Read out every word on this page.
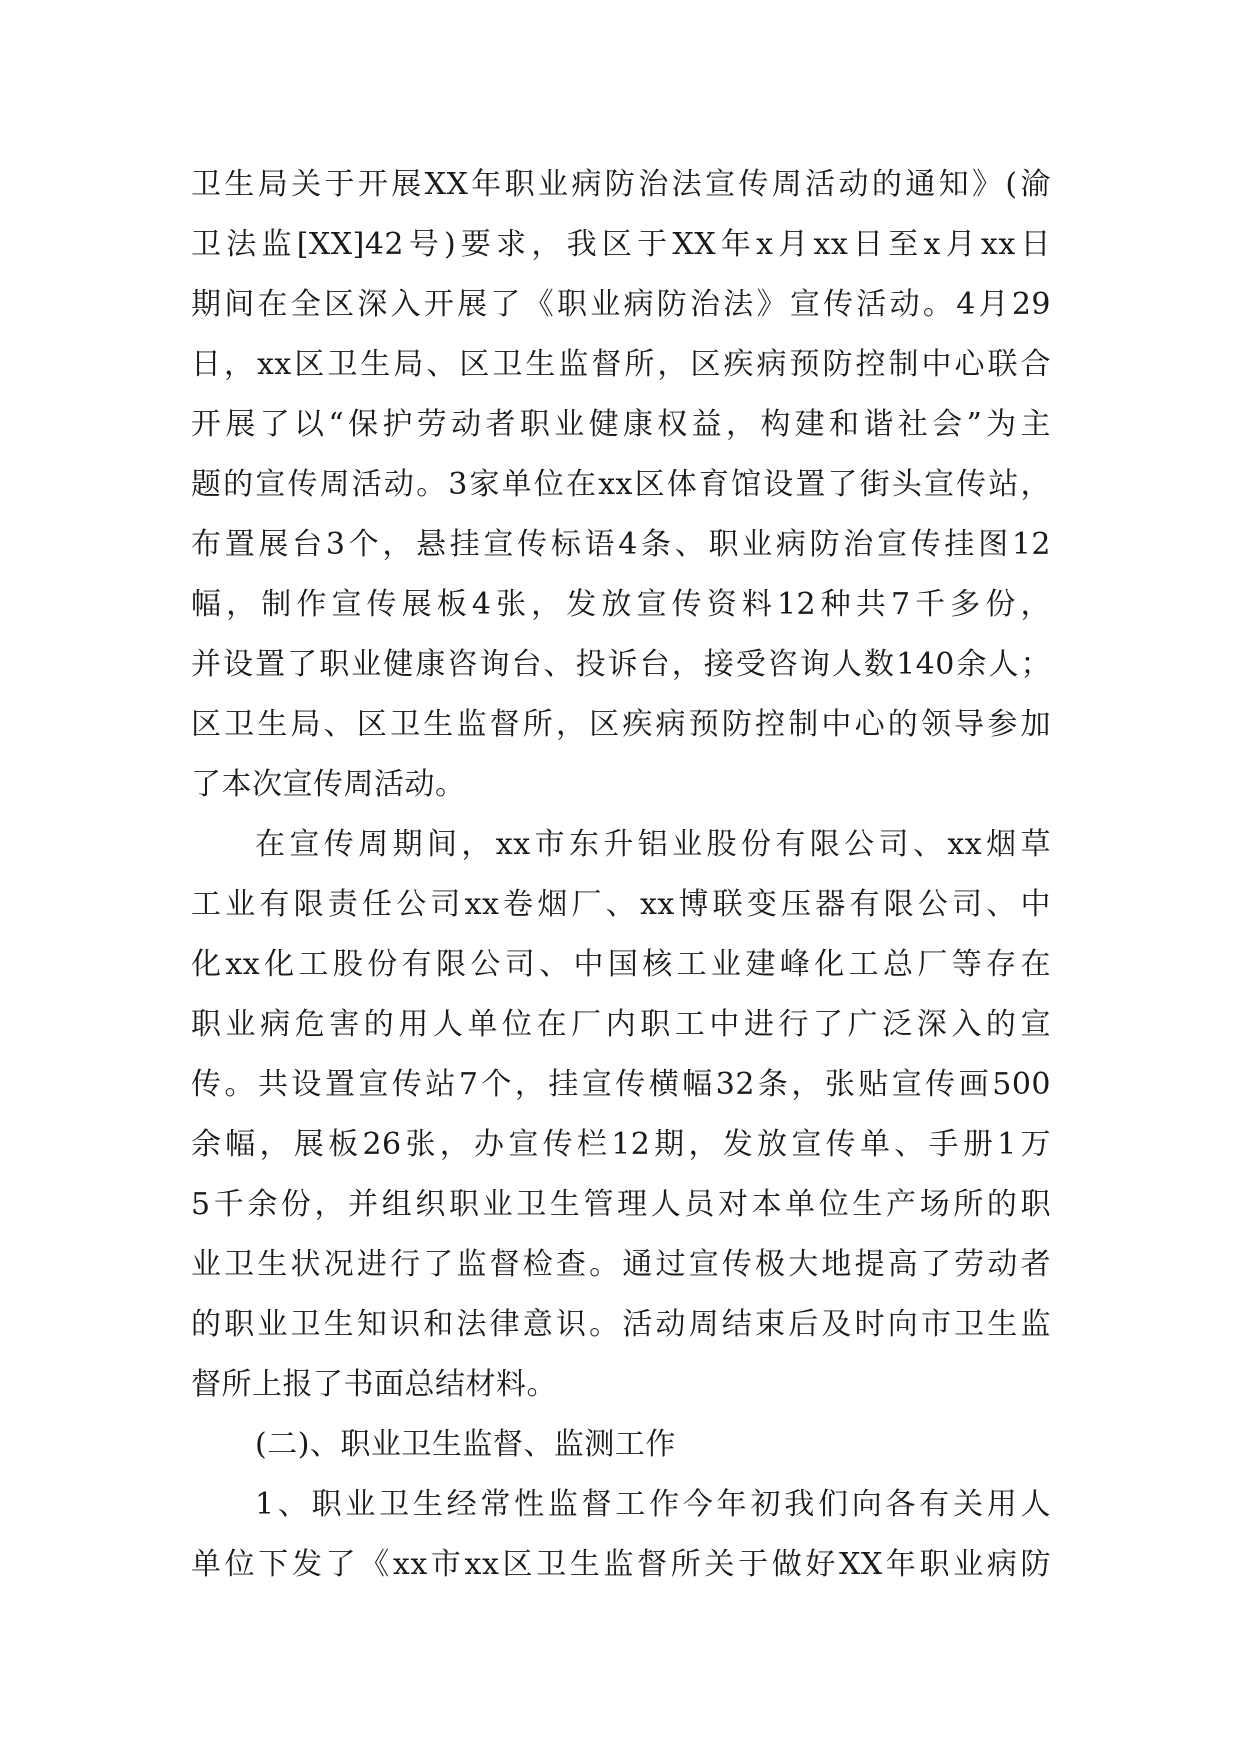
卫生局关于开展XX年职业病防治法宣传周活动的通知》(渝
卫法监[XX]42号)要求，我区于XX年x月xx日至x月xx日
期间在全区深入开展了《职业病防治法》宣传活动。4月29
日，xx区卫生局、区卫生监督所，区疾病预防控制中心联合
开展了以“保护劳动者职业健康权益，构建和谐社会”为主
题的宣传周活动。3家单位在xx区体育馆设置了街头宣传站，
布置展台3个，悬挂宣传标语4条、职业病防治宣传挂图12
幅，制作宣传展板4张，发放宣传资料12种共7千多份，
并设置了职业健康咨询台、投诉台，接受咨询人数140余人；
区卫生局、区卫生监督所，区疾病预防控制中心的领导参加
了本次宣传周活动。
在宣传周期间，xx市东升铝业股份有限公司、xx烟草
工业有限责任公司xx卷烟厂、xx博联变压器有限公司、中
化xx化工股份有限公司、中国核工业建峰化工总厂等存在
职业病危害的用人单位在厂内职工中进行了广泛深入的宣
传。共设置宣传站7个，挂宣传横幅32条，张贴宣传画500
余幅，展板26张，办宣传栏12期，发放宣传单、手册1万
5千余份，并组织职业卫生管理人员对本单位生产场所的职
业卫生状况进行了监督检查。通过宣传极大地提高了劳动者
的职业卫生知识和法律意识。活动周结束后及时向市卫生监
督所上报了书面总结材料。
(二)、职业卫生监督、监测工作
1、职业卫生经常性监督工作今年初我们向各有关用人
单位下发了《xx市xx区卫生监督所关于做好XX年职业病防
